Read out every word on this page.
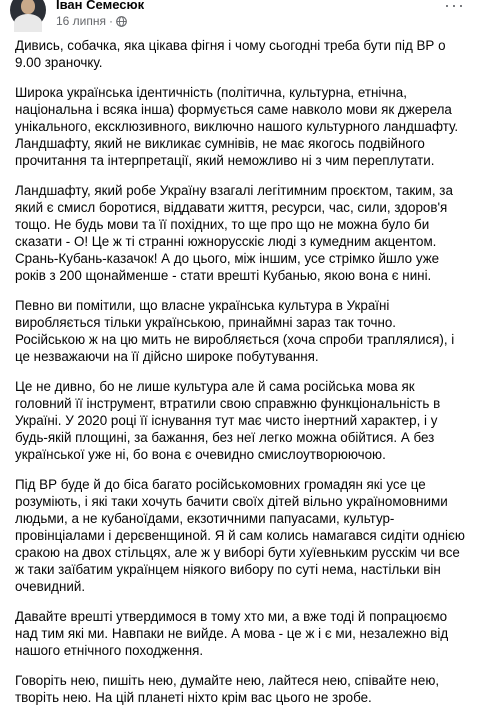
Іван Семесюк
16 липня ·
···

Дивись, собачка, яка цікава фігня і чому сьогодні треба бути під ВР о 9.00 зраночку.

Широка українська ідентичність (політична, культурна, етнічна, національна і всяка інша) формується саме навколо мови як джерела унікального, ексклюзивного, виключно нашого культурного ландшафту. Ландшафту, який не викликає сумнівів, не має якогось подвійного прочитання та інтерпретації, який неможливо ні з чим переплутати.

Ландшафту, який робе Україну взагалі легітимним проєктом, таким, за який є смисл боротися, віддавати життя, ресурси, час, сили, здоров'я тощо. Не будь мови та її похідних, то ще про що не можна було би сказати - О! Це ж ті странні южнорусскіє люді з кумедним акцентом. Срань-Кубань-казачок! А до цього, між іншим, усе стрімко йшло уже років з 200 щонайменше - стати врешті Кубанью, якою вона є нині.

Певно ви помітили, що власне українська культура в Україні виробляється тільки українською, принаймні зараз так точно. Російською ж на цю мить не виробляється (хоча спроби траплялися), і це незважаючи на її дійсно широке побутування.

Це не дивно, бо не лише культура але й сама російська мова як головний її інструмент, втратили свою справжню функціональність в Україні. У 2020 році її існування тут має чисто інертний характер, і у будь-якій площині, за бажання, без неї легко можна обійтися. А без української уже ні, бо вона є очевидно смислоутворюючою.

Під ВР буде й до біса багато російськомовних громадян які усе це розуміють, і які таки хочуть бачити своїх дітей вільно україномовними людьми, а не кубаноїдами, екзотичними папуасами, культур-провінціалами і дерєвенщиной. Я й сам колись намагався сидіти однією сракою на двох стільцях, але ж у виборі бути хуїевньким русскім чи все ж таки заїбатим українцем ніякого вибору по суті нема, настільки він очевидний.

Давайте врешті утвердимося в тому хто ми, а вже тоді й попрацюємо над тим які ми. Навпаки не вийде. А мова - це ж і є ми, незалежно від нашого етнічного походження.

Говоріть нею, пишіть нею, думайте нею, лайтеся нею, співайте нею, творіть нею. На цій планеті ніхто крім вас цього не зробе.
